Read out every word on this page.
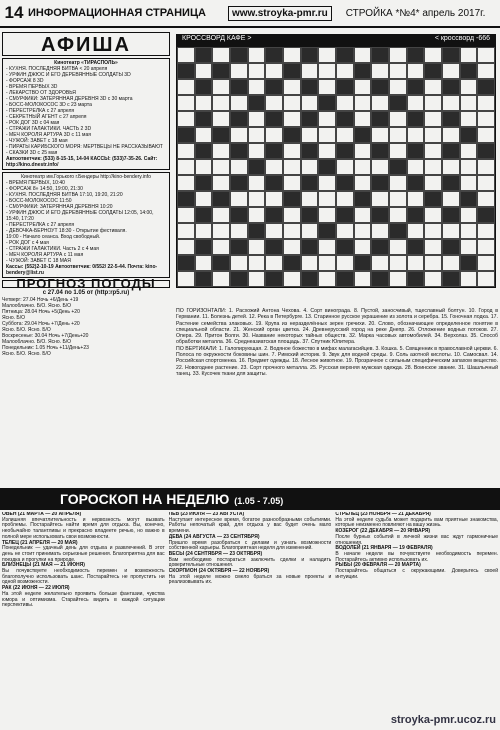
14 ИНФОРМАЦИОННАЯ СТРАНИЦА	www.stroyka-pmr.ru	СТРОЙКА *№4* апрель 2017г.
АФИША
Кинотеатр «ТИРАСПОЛЬ»
- КУХНЯ. ПОСЛЕДНЯЯ БИТВА < 20 апреля
- УРФИН ДЖЮС И ЕГО ДЕРЕВЯННЫЕ СОЛДАТЫ 3D
- ФОРСАЖ 8 3D
- ВРЕМЯ ПЕРВЫХ 3D
- ЛЕКАРСТВО ОТ ЗДОРОВЬЯ
- СМУРФИКИ: ЗАТЕРЯННАЯ ДЕРЕВНЯ 3D с 30 марта
- БОСС-МОЛОКОСОС 3D с 23 марта
- ПЕРЕСТРЕЛКА с 27 апреля
- СЕКРЕТНЫЙ АГЕНТ с 27 апреля
- РОК ДОГ 3D с 04 мая
- СТРАЖИ ГАЛАКТИКИ. ЧАСТЬ 2 3D
- МЕЧ КОРОЛЯ АРТУРА 3D с 11 мая
- ЧУЖОЙ: ЗАВЕТ с 18 мая
- ПИРАТЫ КАРИБСКОГО МОРЯ: МЕРТВЕЦЫ НЕ РАССКАЗЫВАЮТ
- СКАЗКИ 3D с 25 мая
Автоответчик: (533) 8-15-15, 14-04 КАССЫ: (533)7-35-26. Сайт: http://kino.dnestr.info/
Кинотеатр им.Горького г.Бендеры http://kino-bendery.info
- ВРЕМЯ ПЕРВЫХ, 10:40
- ФОРСАЖ 8» 14:50, 19:00, 21:30
- КУХНЯ. ПОСЛЕДНЯЯ БИТВА 17:10, 19:20, 21:20
- БОСС-МОЛОКОСОС 11:50
- СМУРФИКИ: ЗАТЕРЯННАЯ ДЕРЕВНЯ 10:20
- УРФИН ДЖЮС И ЕГО ДЕРЕВЯННЫЕ СОЛДАТЫ 12:05, 14:00, 15:40, 17:20
- ПЕРЕСТРЕЛКА с 27 апреля
- ДЕВОЧКА-БЕРНОУТ 18:30 - Открытие фестиваля.
19:00 - Начало сеанса. Вход свободный.
- РОК ДОГ с 4 мая
- СТРАЖИ ГАЛАКТИКИ. Часть 2 с 4 мая
- МЕЧ КОРОЛЯ АРТУРА с 11 мая
- ЧУЖОЙ: ЗАВЕТ С 18 МАЯ
Кассы: (552)2-10-19 Автоответчик: 0/552/ 22-5-44. Почта: kino-bendery@list.ru
ПРОГНОЗ ПОГОДЫ
с 27.04 по 1.05 от (http:rp5.ru)
Четверг: 27.04 Ночь +6/День +19
Малооблачно. Б/О. Ясно. Б/О
Пятница: 28.04 Ночь +5/День +20
Ясно. Б/О
Суббота: 29.04 Ночь +7/День +20
Ясно. Б/О. Ясно. Б/О
Воскресенье: 30.04 Ночь +7/День+20
Малооблачно. Б/О. Ясно. Б/О
Понедельник: 1.05 Ночь +11/День+23
Ясно. Б/О. Ясно. Б/О
КРОССВОРД КАФЕ >	< кроссворд -666

ПО ГОРИЗОНТАЛИ: 1. Расхожий Антона Чехова. 4. Сорт винограда. 8. Пустой, заносчивый, тщеславный болтун. 10. Город в Германии. 11. Болезнь детей. 12. Река в Петербурге. 13. Старинное русское украшение из золота и серебра. 15. Гоночная лодка. 17. Растение семейства злаковых. 19. Крупа из неразделённых зерен гречихи. 20. Слово, обозначающее определенное понятие в специальной области. 21. Женский орган цветка. 24. Древнерусский город на реке Днепр. 26. Отложение водных потоков. 27. Опера. 29. Притон Волги. 30. Название некоторых тайных обществ. 32. Марка часовых автомобилей. 34. Верхолаз. 35. Способ обработки металла. 36. Среднеазиатская площадь. 37. Спутник Юпитера.

ПО ВЕРТИКАЛИ: 1. Галопирующая. 2. Водяное божество в мифах малагасийцев. 3. Кошка. 5. Священник в православной церкви. 6. Полоса по окружности боковины шин. 7. Римский историк. 9. Звук для водной среды. 9. Соль азотной кислоты. 10. Самосвал. 14. Российская спортсменка. 16. Предмет одежды. 18. Лесное животное. 19. Прозрачное с сильным специфическим запахом вещество. 22. Новогоднее растение. 23. Сорт прочного металла. 25. Русская верхняя мужская одежда. 28. Воинское звание. 31. Шашлычный танец. 33. Кусочек ткани для защиты.

ГОРОСКОП НА НЕДЕЛЮ (1.05 - 7.05)
ОВЕН (21 МАРТА — 20 АПРЕЛЯ)
Излишняя впечатлительность и нервозность могут вызвать проблемы. Постарайтесь найти время для отдыха. Вы, конечно, необычайно талантливы и прекрасно владеете речью, но важно в полной мере использовать свои возможности.
ТЕЛЕЦ (21 АПРЕЛЯ — 20 МАЯ)
Понедельник — удачный день для отдыха и развлечений. В этот день не стоит принимать серьезные решения. Благоприятна для вас поездка и прогулки на природе.
БЛИЗНЕЦЫ (21 МАЯ — 21 ИЮНЯ)
Вы почувствуете необходимость перемен и возможность благополучно использовать шанс. Постарайтесь не пропустить ни одной возможности.
РАК (22 ИЮНЯ — 22 ИЮЛЯ)
На этой неделе желательно проявить больше фантазии, чувства юмора и оптимизма. Старайтесь видеть в каждой ситуации перспективы.
ЛЕВ (23 ИЮЛЯ — 23 АВГУСТА)
Наступает интересное время, богатое разнообразными событиями. Работы непочатый край, для отдыха у вас будет очень мало времени.
ДЕВА (24 АВГУСТА — 23 СЕНТЯБРЯ)
Пришло время разобраться с делами и узнать возможности собственной карьеры. Благоприятная неделя для изменений.
ВЕСЫ (24 СЕНТЯБРЯ — 23 ОКТЯБРЯ)
Вам необходимо постараться заключить сделки и наладить доверительные отношения.
СКОРПИОН (24 ОКТЯБРЯ — 22 НОЯБРЯ)
На этой неделе можно смело браться за новые проекты и реализовывать их.
СТРЕЛЕЦ (23 НОЯБРЯ — 21 ДЕКАБРЯ)
На этой неделе судьба может подарить вам приятные знакомства, которые неизменно повлияют на вашу жизнь.
КОЗЕРОГ (22 ДЕКАБРЯ — 20 ЯНВАРЯ)
После бурных событий в личной жизни вас ждут гармоничные отношения.
ВОДОЛЕЙ (21 ЯНВАРЯ — 19 ФЕВРАЛЯ)
В начале недели вы почувствуете необходимость перемен. Постарайтесь активно использовать их.
РЫБЫ (20 ФЕВРАЛЯ — 20 МАРТА)
Постарайтесь общаться с окружающими. Доверьтесь своей интуиции.
stroyka-pmr.ucoz.ru
